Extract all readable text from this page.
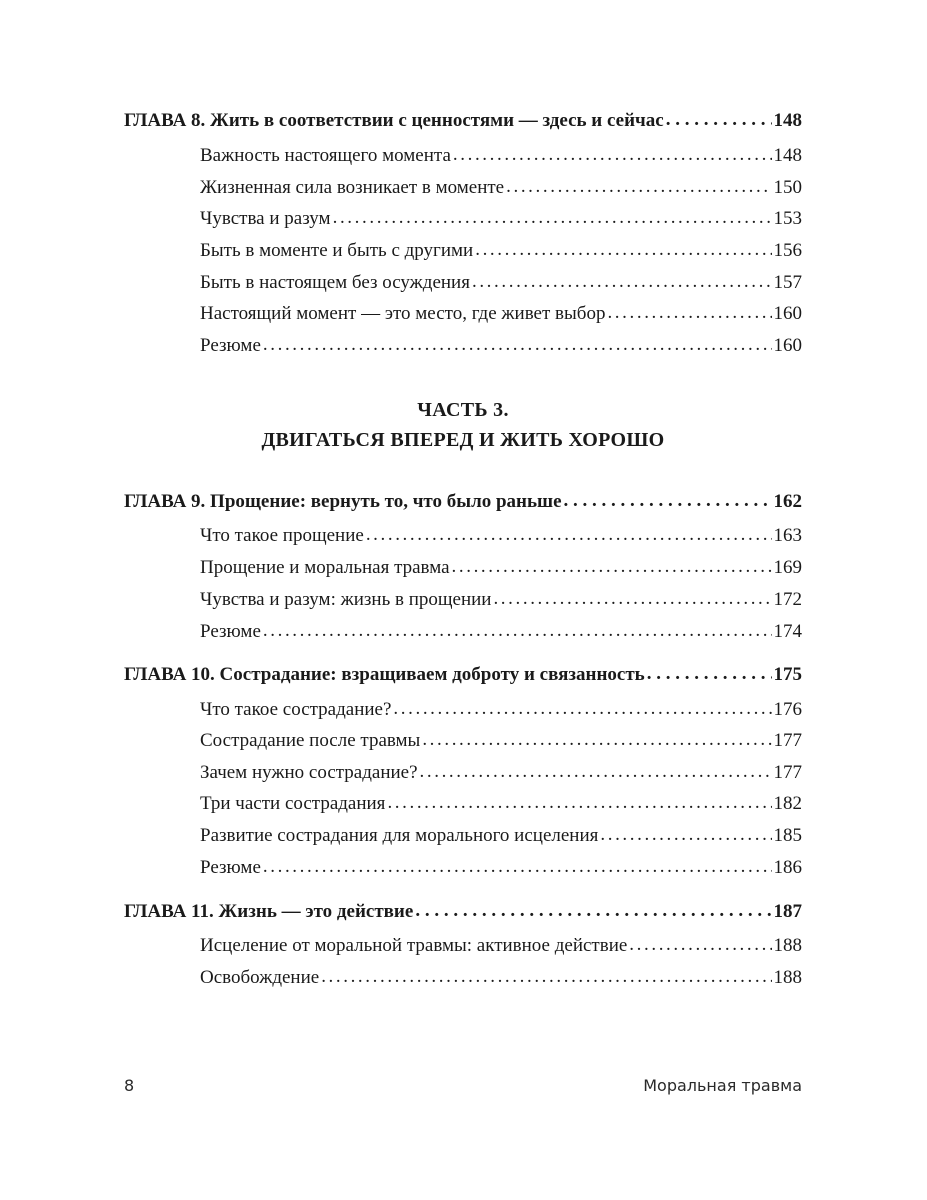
ГЛАВА 8. Жить в соответствии с ценностями — здесь и сейчас . . .	148
Важность настоящего момента .....	148
Жизненная сила возникает в моменте .....	150
Чувства и разум .....	153
Быть в моменте и быть с другими .....	156
Быть в настоящем без осуждения .....	157
Настоящий момент — это место, где живет выбор .....	160
Резюме .....	160
ЧАСТЬ 3.
ДВИГАТЬСЯ ВПЕРЕД И ЖИТЬ ХОРОШО
ГЛАВА 9. Прощение: вернуть то, что было раньше . . .	162
Что такое прощение .....	163
Прощение и моральная травма .....	169
Чувства и разум: жизнь в прощении .....	172
Резюме .....	174
ГЛАВА 10. Сострадание: взращиваем доброту и связанность . . .	175
Что такое сострадание? .....	176
Сострадание после травмы .....	177
Зачем нужно сострадание? .....	177
Три части сострадания .....	182
Развитие сострадания для морального исцеления .....	185
Резюме .....	186
ГЛАВА 11. Жизнь — это действие . . .	187
Исцеление от моральной травмы: активное действие .....	188
Освобождение .....	188
8	Моральная травма
